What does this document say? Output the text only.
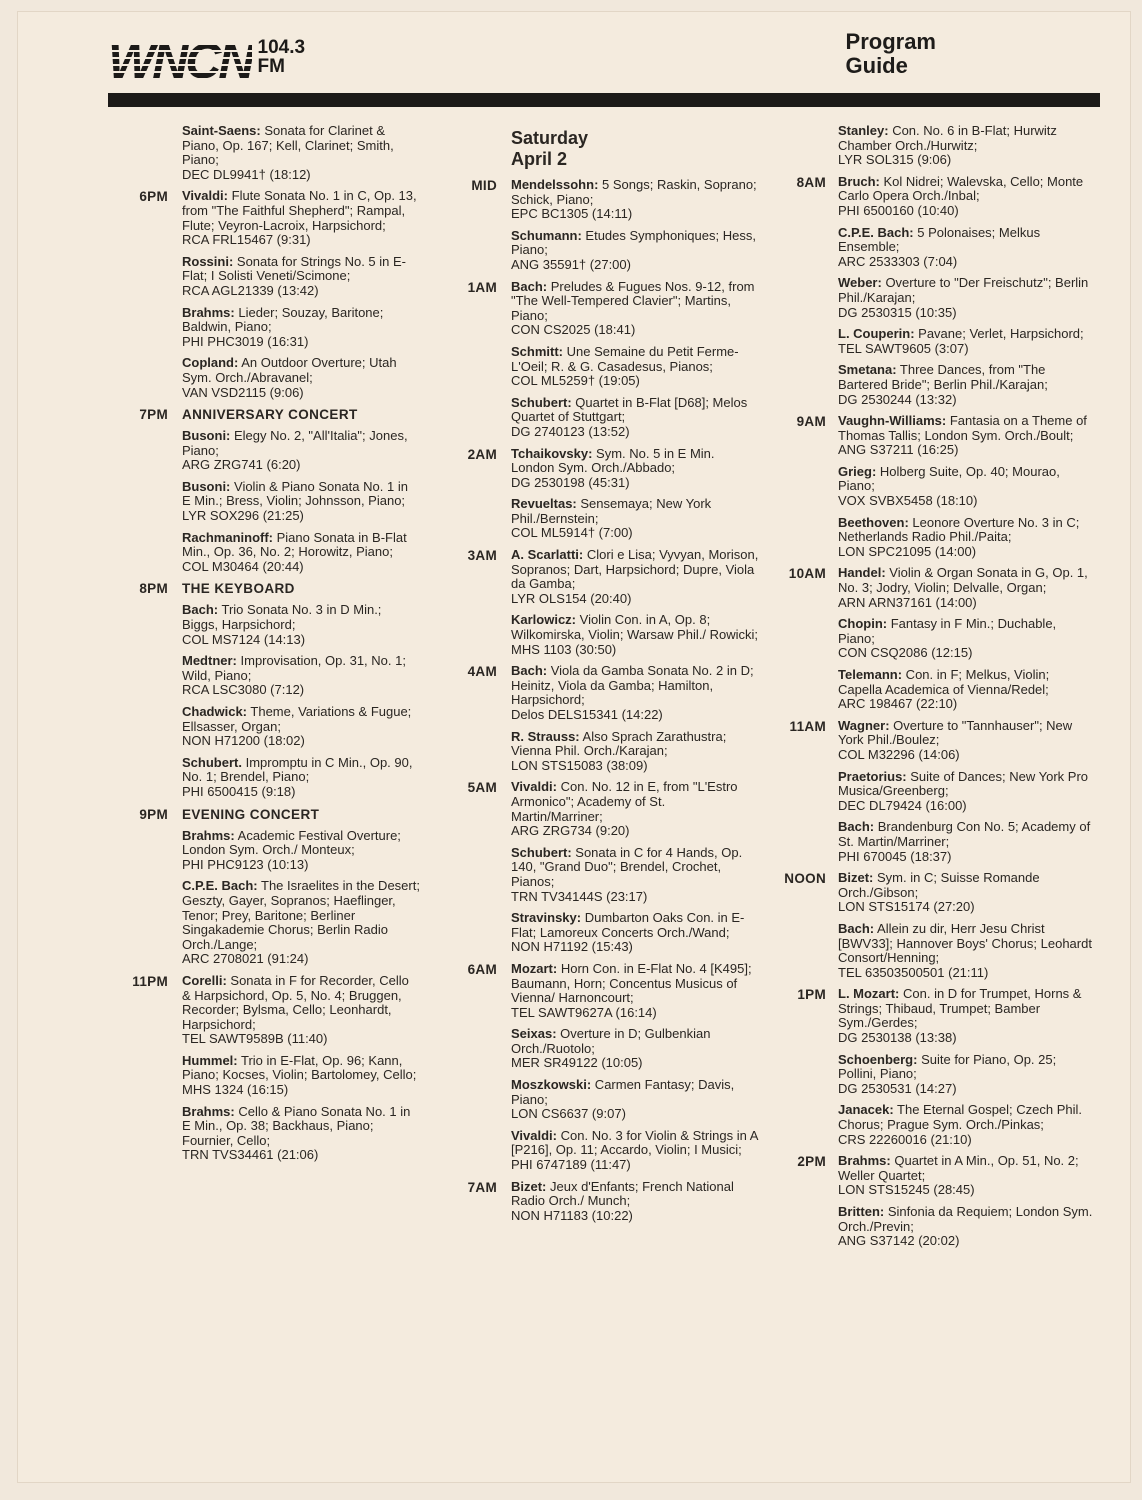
WNCN 104.3
FM
Program
Guide
Saint-Saens: Sonata for Clarinet & Piano, Op. 167; Kell, Clarinet; Smith, Piano;
DEC DL9941† (18:12)
6PM Vivaldi: Flute Sonata No. 1 in C, Op. 13, from "The Faithful Shepherd"; Rampal, Flute; Veyron-Lacroix, Harpsichord;
RCA FRL15467 (9:31)
Rossini: Sonata for Strings No. 5 in E-Flat; I Solisti Veneti/Scimone;
RCA AGL21339 (13:42)
Brahms: Lieder; Souzay, Baritone; Baldwin, Piano;
PHI PHC3019 (16:31)
Copland: An Outdoor Overture; Utah Sym. Orch./Abravanel;
VAN VSD2115 (9:06)
7PM ANNIVERSARY CONCERT
Busoni: Elegy No. 2, "All'Italia"; Jones, Piano;
ARG ZRG741 (6:20)
Busoni: Violin & Piano Sonata No. 1 in E Min.; Bress, Violin; Johnsson, Piano;
LYR SOX296 (21:25)
Rachmaninoff: Piano Sonata in B-Flat Min., Op. 36, No. 2; Horowitz, Piano;
COL M30464 (20:44)
8PM THE KEYBOARD
Bach: Trio Sonata No. 3 in D Min.; Biggs, Harpsichord;
COL MS7124 (14:13)
Medtner: Improvisation, Op. 31, No. 1; Wild, Piano;
RCA LSC3080 (7:12)
Chadwick: Theme, Variations & Fugue; Ellsasser, Organ;
NON H71200 (18:02)
Schubert. Impromptu in C Min., Op. 90, No. 1; Brendel, Piano;
PHI 6500415 (9:18)
9PM EVENING CONCERT
Brahms: Academic Festival Overture; London Sym. Orch./ Monteux;
PHI PHC9123 (10:13)
C.P.E. Bach: The Israelites in the Desert; Geszty, Gayer, Sopranos; Haeflinger, Tenor; Prey, Baritone; Berliner Singakademie Chorus; Berlin Radio Orch./Lange;
ARC 2708021 (91:24)
11PM Corelli: Sonata in F for Recorder, Cello & Harpsichord, Op. 5, No. 4; Bruggen, Recorder; Bylsma, Cello; Leonhardt, Harpsichord;
TEL SAWT9589B (11:40)
Hummel: Trio in E-Flat, Op. 96; Kann, Piano; Kocses, Violin; Bartolomey, Cello;
MHS 1324 (16:15)
Brahms: Cello & Piano Sonata No. 1 in E Min., Op. 38; Backhaus, Piano; Fournier, Cello;
TRN TVS34461 (21:06)
Saturday
April 2
MID Mendelssohn: 5 Songs; Raskin, Soprano; Schick, Piano;
EPC BC1305 (14:11)
Schumann: Etudes Symphoniques; Hess, Piano;
ANG 35591† (27:00)
1AM Bach: Preludes & Fugues Nos. 9-12, from "The Well-Tempered Clavier"; Martins, Piano;
CON CS2025 (18:41)
Schmitt: Une Semaine du Petit Ferme-L'Oeil; R. & G. Casadesus, Pianos;
COL ML5259† (19:05)
Schubert: Quartet in B-Flat [D68]; Melos Quartet of Stuttgart;
DG 2740123 (13:52)
2AM Tchaikovsky: Sym. No. 5 in E Min. London Sym. Orch./Abbado;
DG 2530198 (45:31)
Revueltas: Sensemaya; New York Phil./Bernstein;
COL ML5914† (7:00)
3AM A. Scarlatti: Clori e Lisa; Vyvyan, Morison, Sopranos; Dart, Harpsichord; Dupre, Viola da Gamba;
LYR OLS154 (20:40)
Karlowicz: Violin Con. in A, Op. 8; Wilkomirska, Violin; Warsaw Phil./ Rowicki;
MHS 1103 (30:50)
4AM Bach: Viola da Gamba Sonata No. 2 in D; Heinitz, Viola da Gamba; Hamilton, Harpsichord;
Delos DELS15341 (14:22)
R. Strauss: Also Sprach Zarathustra; Vienna Phil. Orch./Karajan;
LON STS15083 (38:09)
5AM Vivaldi: Con. No. 12 in E, from "L'Estro Armonico"; Academy of St. Martin/Marriner;
ARG ZRG734 (9:20)
Schubert: Sonata in C for 4 Hands, Op. 140, "Grand Duo"; Brendel, Crochet, Pianos;
TRN TV34144S (23:17)
Stravinsky: Dumbarton Oaks Con. in E-Flat; Lamoreux Concerts Orch./Wand;
NON H71192 (15:43)
6AM Mozart: Horn Con. in E-Flat No. 4 [K495]; Baumann, Horn; Concentus Musicus of Vienna/ Harnoncourt;
TEL SAWT9627A (16:14)
Seixas: Overture in D; Gulbenkian Orch./Ruotolo;
MER SR49122 (10:05)
Moszkowski: Carmen Fantasy; Davis, Piano;
LON CS6637 (9:07)
Vivaldi: Con. No. 3 for Violin & Strings in A [P216], Op. 11; Accardo, Violin; I Musici;
PHI 6747189 (11:47)
7AM Bizet: Jeux d'Enfants; French National Radio Orch./ Munch;
NON H71183 (10:22)
Stanley: Con. No. 6 in B-Flat; Hurwitz Chamber Orch./Hurwitz;
LYR SOL315 (9:06)
8AM Bruch: Kol Nidrei; Walevska, Cello; Monte Carlo Opera Orch./Inbal;
PHI 6500160 (10:40)
C.P.E. Bach: 5 Polonaises; Melkus Ensemble;
ARC 2533303 (7:04)
Weber: Overture to "Der Freischutz"; Berlin Phil./Karajan;
DG 2530315 (10:35)
L. Couperin: Pavane; Verlet, Harpsichord;
TEL SAWT9605 (3:07)
Smetana: Three Dances, from "The Bartered Bride"; Berlin Phil./Karajan;
DG 2530244 (13:32)
9AM Vaughn-Williams: Fantasia on a Theme of Thomas Tallis; London Sym. Orch./Boult;
ANG S37211 (16:25)
Grieg: Holberg Suite, Op. 40; Mourao, Piano;
VOX SVBX5458 (18:10)
Beethoven: Leonore Overture No. 3 in C; Netherlands Radio Phil./Paita;
LON SPC21095 (14:00)
10AM Handel: Violin & Organ Sonata in G, Op. 1, No. 3; Jodry, Violin; Delvalle, Organ;
ARN ARN37161 (14:00)
Chopin: Fantasy in F Min.; Duchable, Piano;
CON CSQ2086 (12:15)
Telemann: Con. in F; Melkus, Violin; Capella Academica of Vienna/Redel;
ARC 198467 (22:10)
11AM Wagner: Overture to "Tannhauser"; New York Phil./Boulez;
COL M32296 (14:06)
Praetorius: Suite of Dances; New York Pro Musica/Greenberg;
DEC DL79424 (16:00)
Bach: Brandenburg Con No. 5; Academy of St. Martin/Marriner;
PHI 670045 (18:37)
NOON Bizet: Sym. in C; Suisse Romande Orch./Gibson;
LON STS15174 (27:20)
Bach: Allein zu dir, Herr Jesu Christ [BWV33]; Hannover Boys' Chorus; Leohardt Consort/Henning;
TEL 63503500501 (21:11)
1PM L. Mozart: Con. in D for Trumpet, Horns & Strings; Thibaud, Trumpet; Bamber Sym./Gerdes;
DG 2530138 (13:38)
Schoenberg: Suite for Piano, Op. 25; Pollini, Piano;
DG 2530531 (14:27)
Janacek: The Eternal Gospel; Czech Phil. Chorus; Prague Sym. Orch./Pinkas;
CRS 22260016 (21:10)
2PM Brahms: Quartet in A Min., Op. 51, No. 2; Weller Quartet;
LON STS15245 (28:45)
Britten: Sinfonia da Requiem; London Sym. Orch./Previn;
ANG S37142 (20:02)
